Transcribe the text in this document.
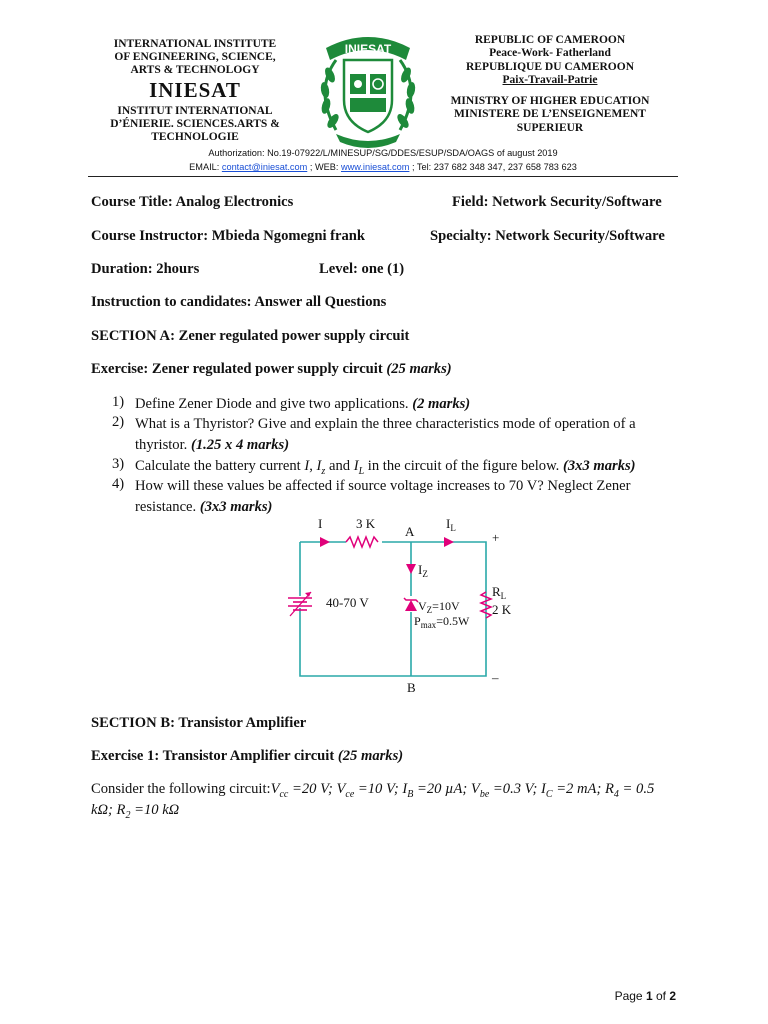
INTERNATIONAL INSTITUTE
OF ENGINEERING, SCIENCE,
ARTS & TECHNOLOGY
INIESAT
INSTITUT INTERNATIONAL
D’ÉNIERIE. SCIENCES.ARTS &
TECHNOLOGIE
INIESAT
REPUBLIC OF CAMEROON
Peace-Work- Fatherland
REPUBLIQUE DU CAMEROON
Paix-Travail-Patrie
MINISTRY OF HIGHER EDUCATION
MINISTERE DE L’ENSEIGNEMENT
SUPERIEUR
Authorization: No.19-07922/L/MINESUP/SG/DDES/ESUP/SDA/OAGS of august 2019
EMAIL: contact@iniesat.com ; WEB: www.iniesat.com ; Tel: 237 682 348 347, 237 658 783 623
Course Title: Analog Electronics	Field: Network Security/Software
Course Instructor: Mbieda Ngomegni frank	Specialty: Network Security/Software
Duration: 2hours	Level: one (1)
Instruction to candidates: Answer all Questions
SECTION A: Zener regulated power supply circuit
Exercise: Zener regulated power supply circuit (25 marks)
1) Define Zener Diode and give two applications. (2 marks)
2) What is a Thyristor? Give and explain the three characteristics mode of operation of a thyristor. (1.25 x 4 marks)
3) Calculate the battery current I, $I_z$ and $I_L$ in the circuit of the figure below. (3x3 marks)
4) How will these values be affected if source voltage increases to 70 V? Neglect Zener resistance. (3x3 marks)
I	3 K
A
$I_L$
+
$I_Z$
40-70 V	$V_Z=10V$
$P_{max}=0.5W$
$R_L$
2 K
B
–
SECTION B: Transistor Amplifier
Exercise 1: Transistor Amplifier circuit (25 marks)
Consider the following $circuit:V_{cc} =20$ V; $V_{ce} =10$ V; $I_B =20$ µA; $V_{be} =0.3$ V; $I_C =2$ mA; $R_4 = 0.5$
kΩ; $R_2 =10$ kΩ
Page 1 of 2
